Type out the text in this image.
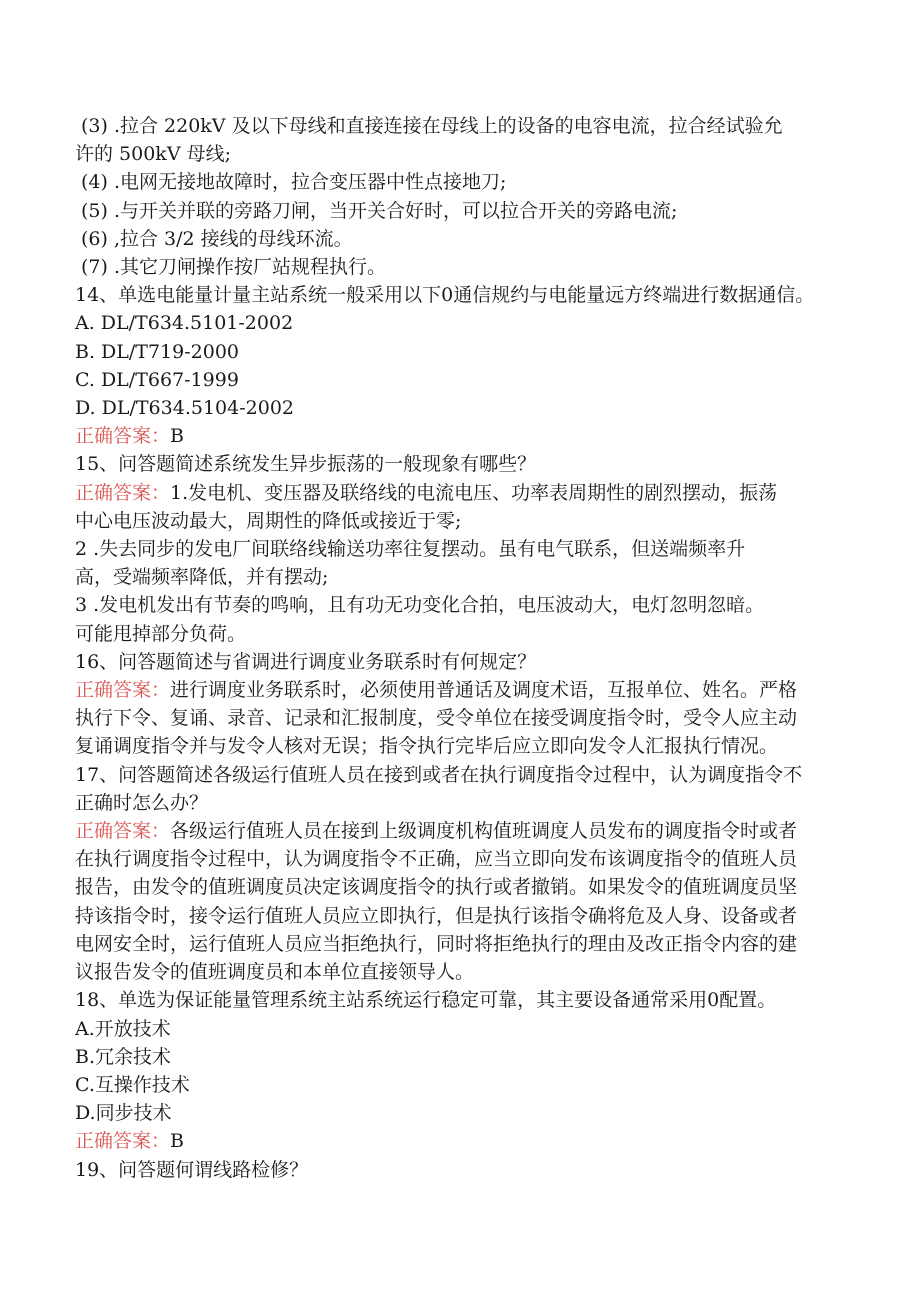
(3) .拉合 220kV 及以下母线和直接连接在母线上的设备的电容电流，拉合经试验允
许的 500kV 母线;
(4) .电网无接地故障时，拉合变压器中性点接地刀;
(5) .与开关并联的旁路刀闸，当开关合好时，可以拉合开关的旁路电流;
(6) ,拉合 3/2 接线的母线环流。
(7) .其它刀闸操作按厂站规程执行。
14、单选电能量计量主站系统一般采用以下0通信规约与电能量远方终端进行数据通信。
A. DL/T634.5101-2002
B. DL/T719-2000
C. DL/T667-1999
D. DL/T634.5104-2002
正确答案：B
15、问答题简述系统发生异步振荡的一般现象有哪些？
正确答案：1.发电机、变压器及联络线的电流电压、功率表周期性的剧烈摆动，振荡
中心电压波动最大，周期性的降低或接近于零;
2 .失去同步的发电厂间联络线输送功率往复摆动。虽有电气联系，但送端频率升
高，受端频率降低，并有摆动;
3 .发电机发出有节奏的鸣响，且有功无功变化合拍，电压波动大，电灯忽明忽暗。
可能甩掉部分负荷。
16、问答题简述与省调进行调度业务联系时有何规定？
正确答案：进行调度业务联系时，必须使用普通话及调度术语，互报单位、姓名。严格
执行下令、复诵、录音、记录和汇报制度，受令单位在接受调度指令时，受令人应主动
复诵调度指令并与发令人核对无误；指令执行完毕后应立即向发令人汇报执行情况。
17、问答题简述各级运行值班人员在接到或者在执行调度指令过程中，认为调度指令不
正确时怎么办？
正确答案：各级运行值班人员在接到上级调度机构值班调度人员发布的调度指令时或者
在执行调度指令过程中，认为调度指令不正确，应当立即向发布该调度指令的值班人员
报告，由发令的值班调度员决定该调度指令的执行或者撤销。如果发令的值班调度员坚
持该指令时，接令运行值班人员应立即执行，但是执行该指令确将危及人身、设备或者
电网安全时，运行值班人员应当拒绝执行，同时将拒绝执行的理由及改正指令内容的建
议报告发令的值班调度员和本单位直接领导人。
18、单选为保证能量管理系统主站系统运行稳定可靠，其主要设备通常采用0配置。
A.开放技术
B.冗余技术
C.互操作技术
D.同步技术
正确答案：B
19、问答题何谓线路检修？
